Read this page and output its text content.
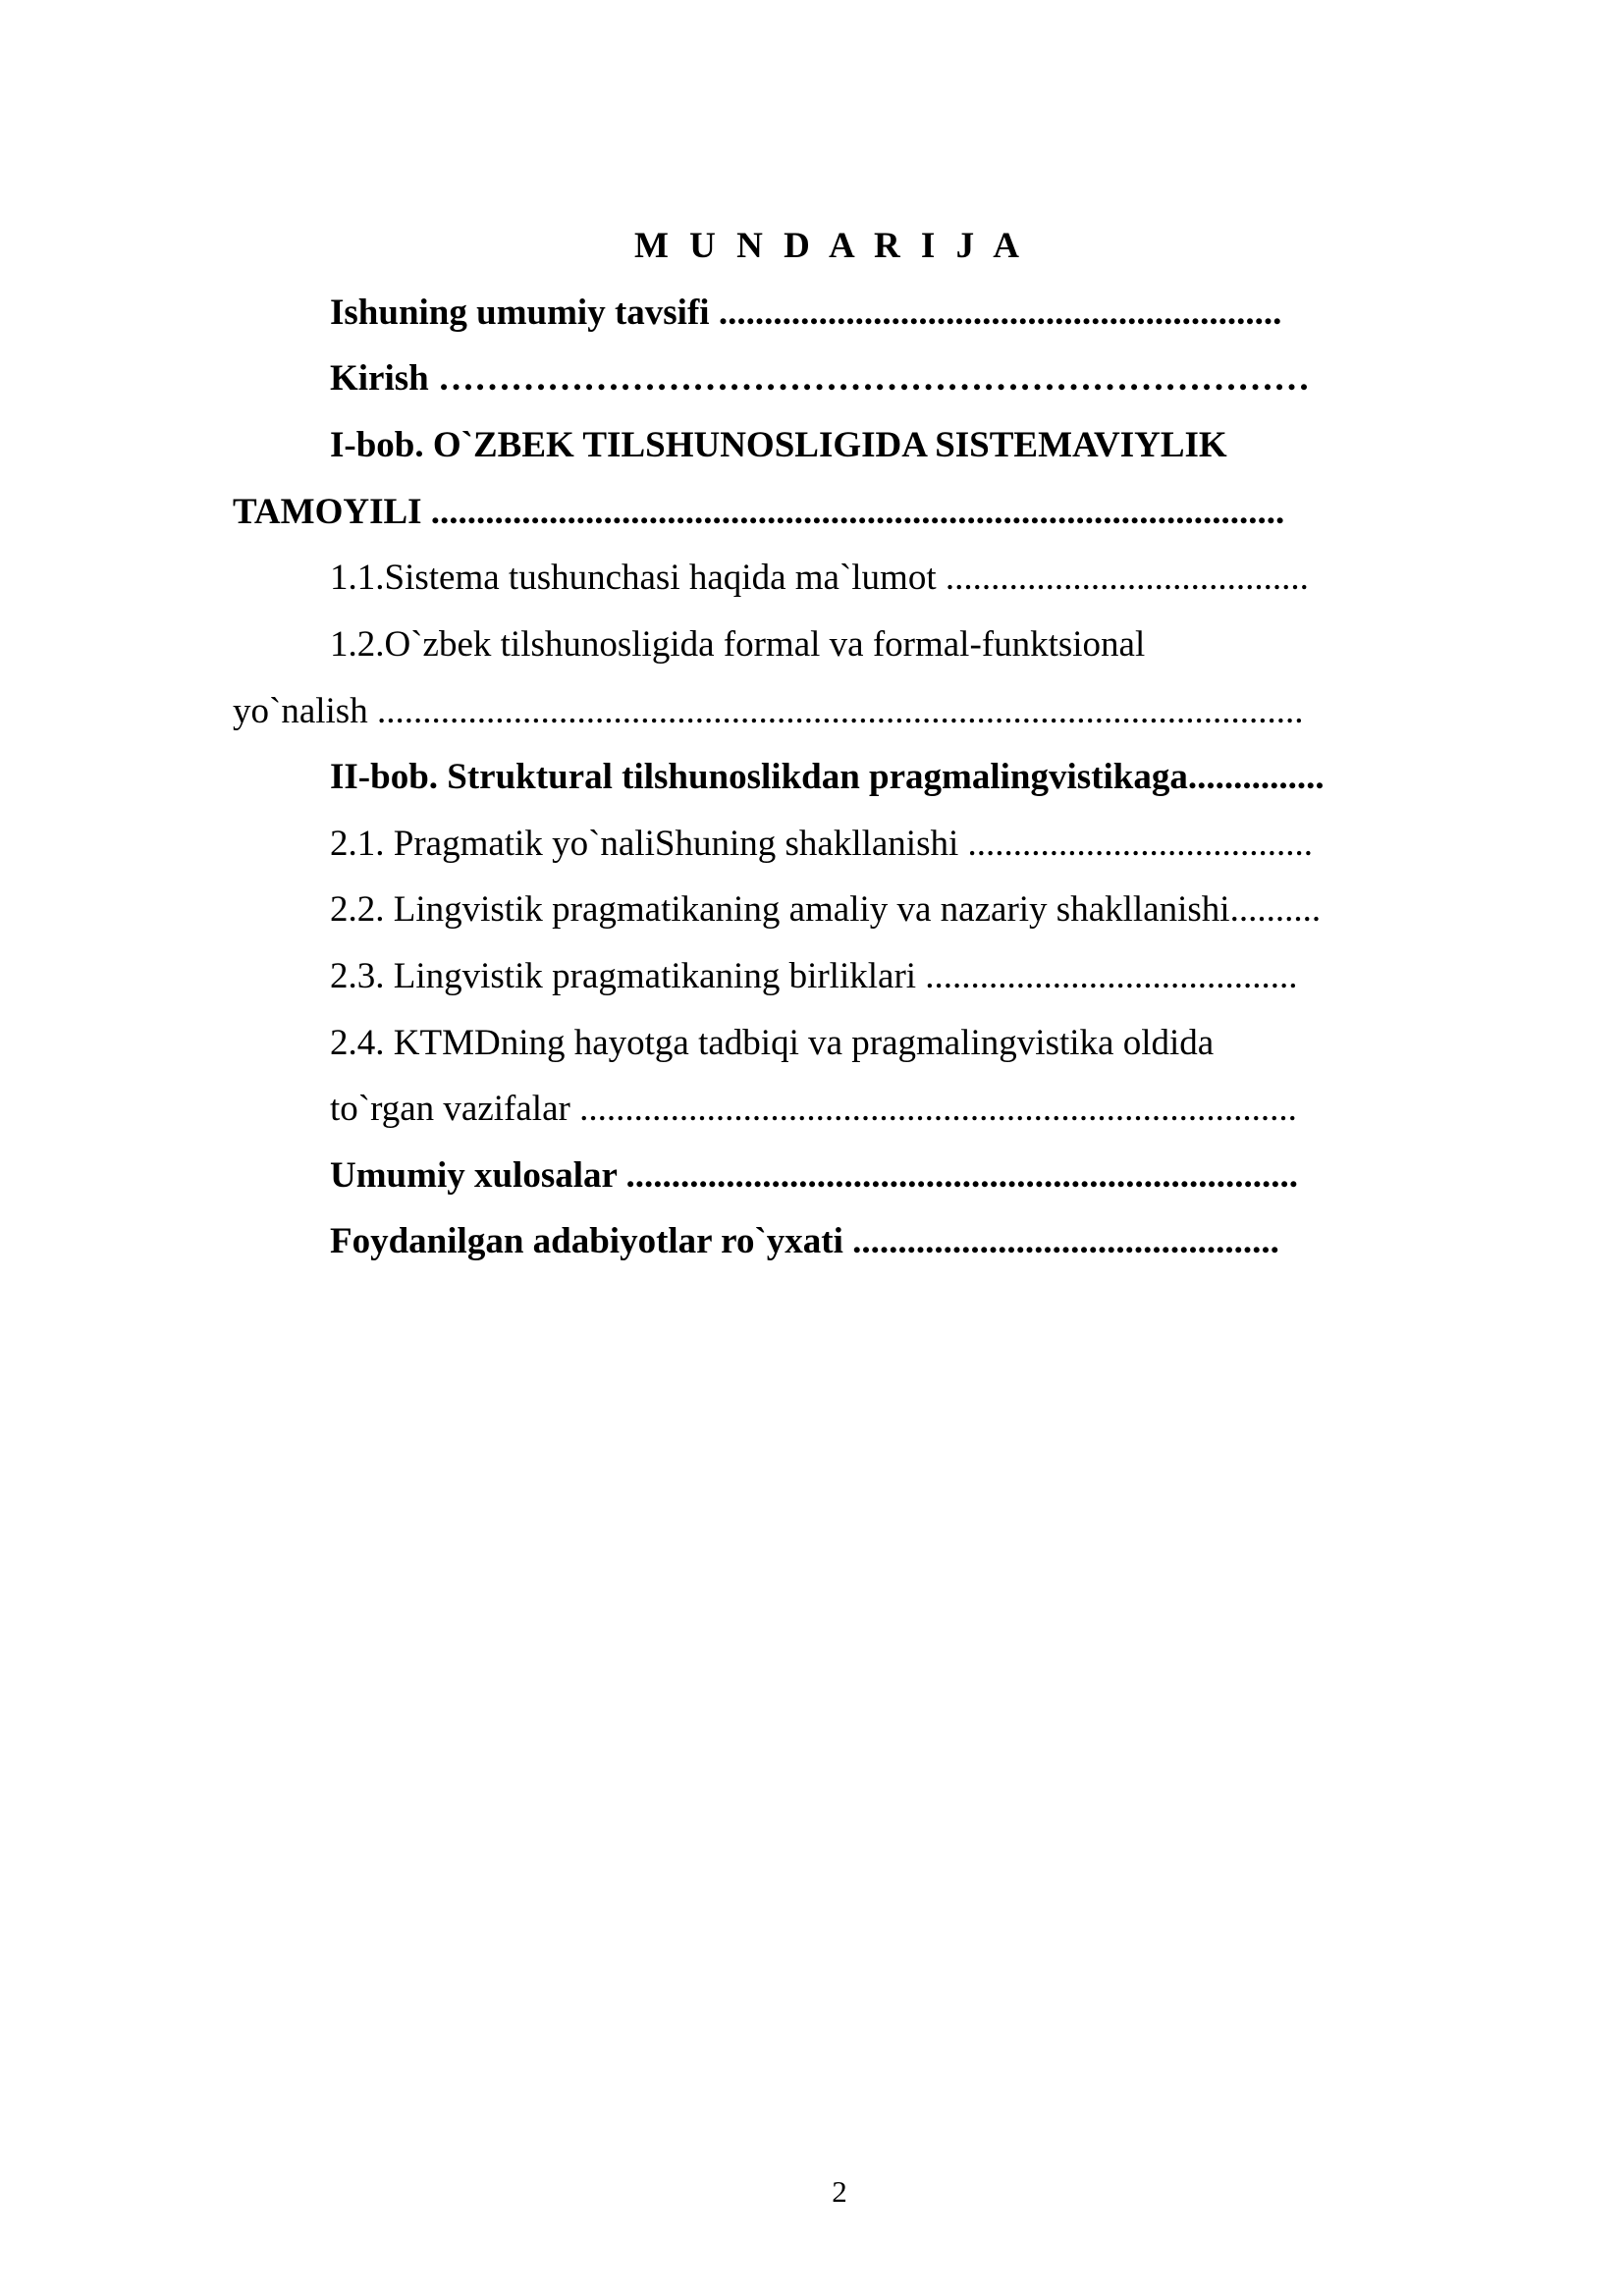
M U N D A R I J A
Ishuning umumiy tavsifi ..............................................................
Kirish ………………………………………………………………
I-bob. O`ZBEK TILSHUNOSLIGIDA SISTEMAVIYLIK
TAMOYILI ..............................................................................................
1.1.Sistema tushunchasi haqida ma`lumot ........................................
1.2.O`zbek tilshunosligida formal va formal-funktsional
yo`nalish ......................................................................................................
II-bob. Struktural tilshunoslikdan pragmalingvistikaga...............
2.1. Pragmatik yo`naliShuning shakllanishi ......................................
2.2. Lingvistik pragmatikaning amaliy va nazariy shakllanishi..........
2.3. Lingvistik pragmatikaning birliklari .........................................
2.4. KTMDning hayotga tadbiqi va pragmalingvistika oldida
to`rgan vazifalar ...............................................................................
Umumiy xulosalar ..........................................................................
Foydanilgan adabiyotlar ro`yxati ...............................................
2
